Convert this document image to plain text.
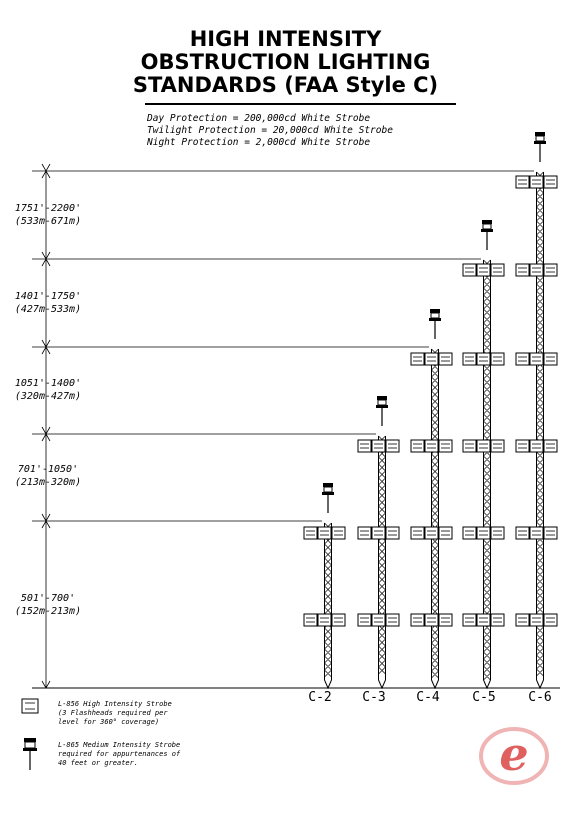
HIGH INTENSITY
OBSTRUCTION LIGHTING
STANDARDS (FAA Style C)
Day Protection = 200,000cd White Strobe
Twilight Protection = 20,000cd White Strobe
Night Protection = 2,000cd White Strobe
1751'-2200'
(533m-671m)
1401'-1750'
(427m-533m)
1051'-1400'
(320m-427m)
701'-1050'
(213m-320m)
501'-700'
(152m-213m)
C-2	C-3	C-4	C-5	C-6
L-856 High Intensity Strobe
(3 Flashheads required per
level for 360° coverage)
L-865 Medium Intensity Strobe
required for appurtenances of
40 feet or greater.	e
